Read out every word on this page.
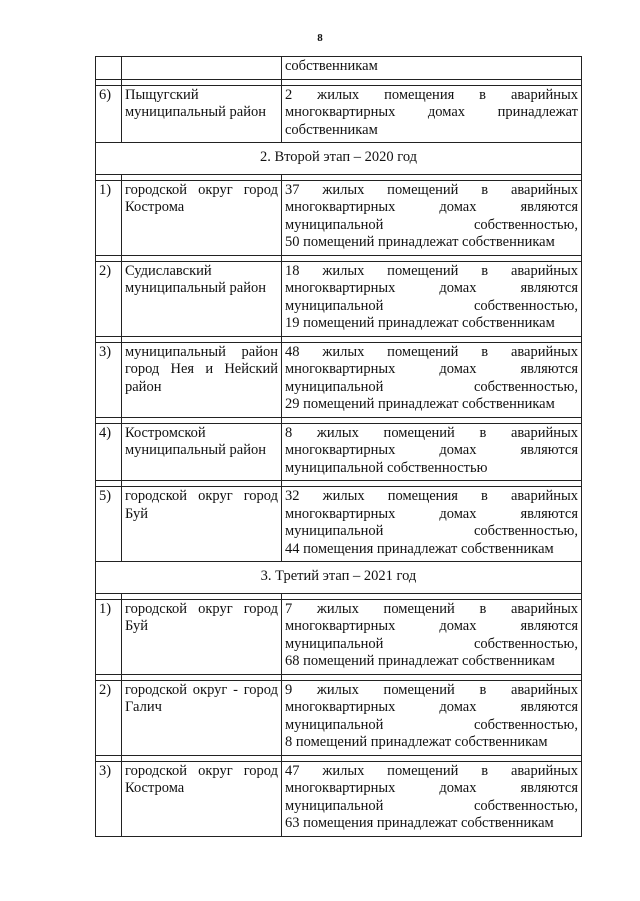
8

		собственникам

6)	Пыщугский муниципальный район	2 жилых помещения в аварийных
многоквартирных домах принадлежат
собственникам

2. Второй этап – 2020 год		

1)	городской округ город Кострома	37 жилых помещений в аварийных
многоквартирных домах являются
муниципальной собственностью,
50 помещений принадлежат собственникам

2)	Судиславский муниципальный район	18 жилых помещений в аварийных
многоквартирных домах являются
муниципальной собственностью,
19 помещений принадлежат собственникам

3)	муниципальный район город Нея и Нейский район	48 жилых помещений в аварийных
многоквартирных домах являются
муниципальной собственностью,
29 помещений принадлежат собственникам

4)	Костромской муниципальный район	8 жилых помещений в аварийных
многоквартирных домах являются
муниципальной собственностью

5)	городской округ город Буй	32 жилых помещения в аварийных
многоквартирных домах являются
муниципальной собственностью,
44 помещения принадлежат собственникам

3. Третий этап – 2021 год		

1)	городской округ город Буй	7 жилых помещений в аварийных
многоквартирных домах являются
муниципальной собственностью,
68 помещений принадлежат собственникам

2)	городской округ - город Галич	9 жилых помещений в аварийных
многоквартирных домах являются
муниципальной собственностью,
8 помещений принадлежат собственникам

3)	городской округ город Кострома	47 жилых помещений в аварийных
многоквартирных домах являются
муниципальной собственностью,
63 помещения принадлежат собственникам
